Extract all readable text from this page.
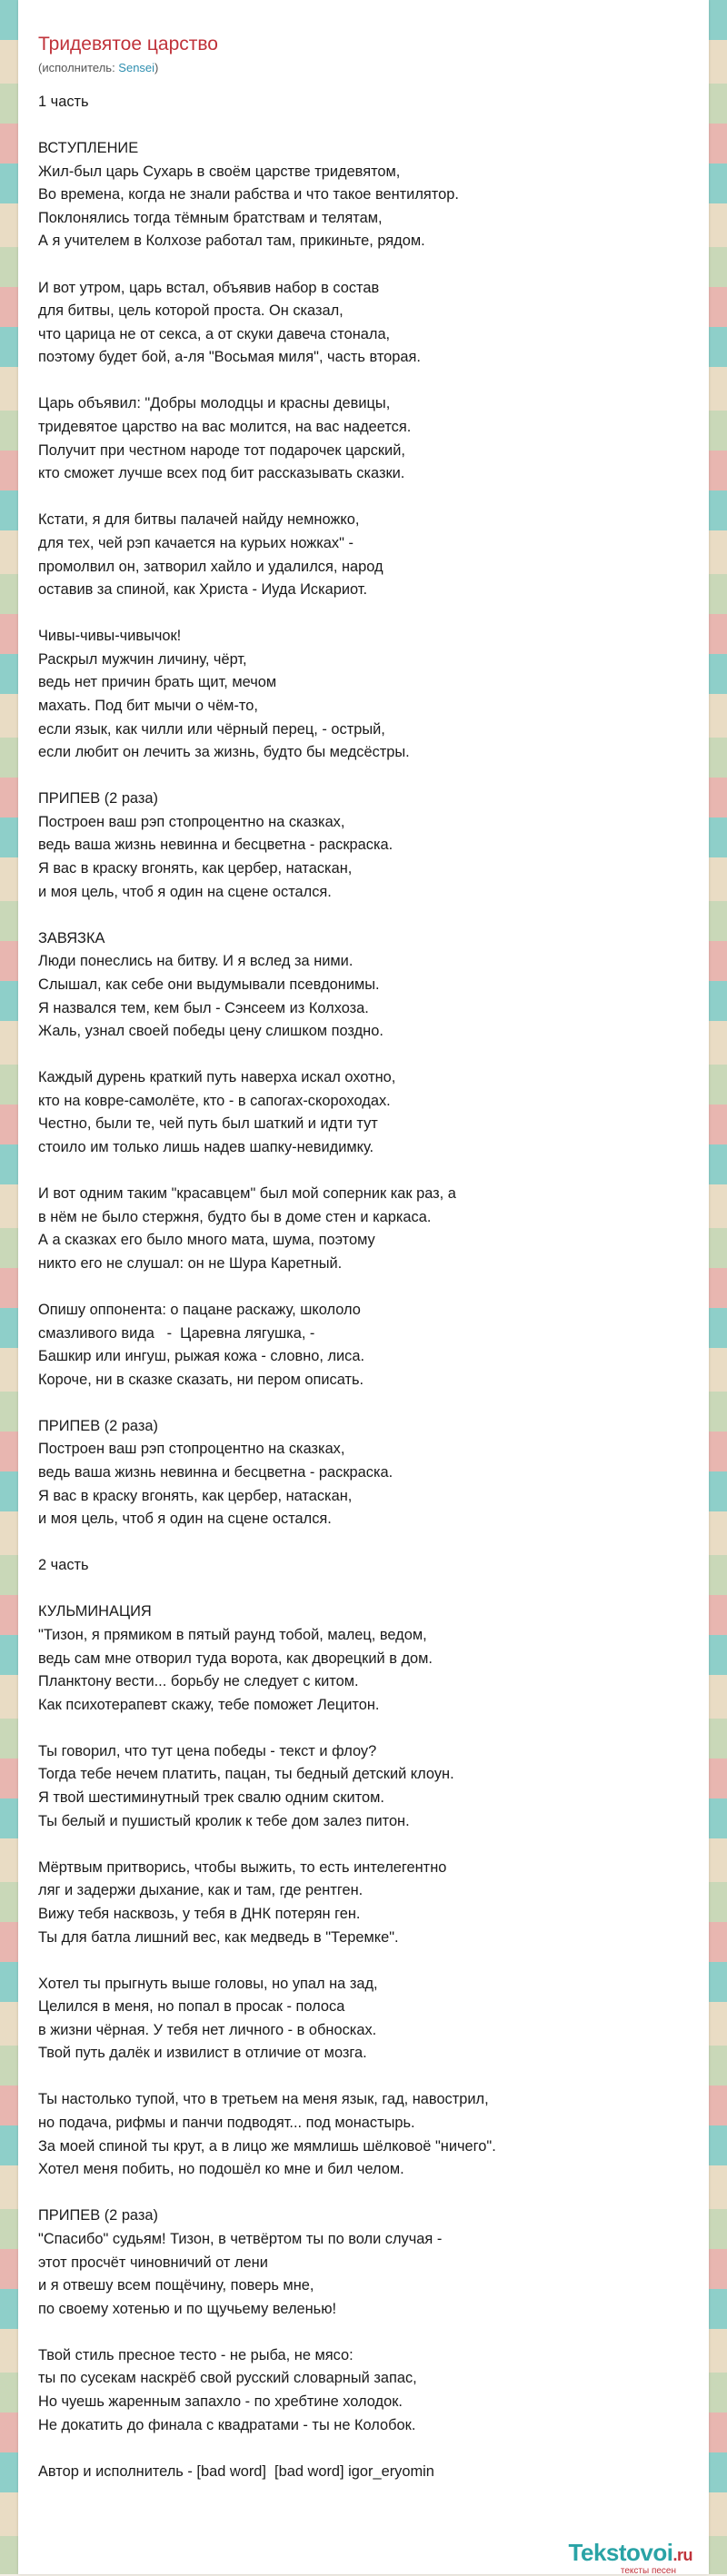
Тридевятое царство
(исполнитель: Sensei)
1 часть
ВСТУПЛЕНИЕ
Жил-был царь Сухарь в своём царстве тридевятом,
Во времена, когда не знали рабства и что такое вентилятор.
Поклонялись тогда тёмным братствам и телятам,
А я учителем в Колхозе работал там, прикиньте, рядом.
И вот утром, царь встал, объявив набор в состав
для битвы, цель которой проста. Он сказал,
что царица не от секса, а от скуки давеча стонала,
поэтому будет бой, а-ля "Восьмая миля", часть вторая.
Царь объявил: "Добры молодцы и красны девицы,
тридевятое царство на вас молится, на вас надеется.
Получит при честном народе тот подарочек царский,
кто сможет лучше всех под бит рассказывать сказки.
Кстати, я для битвы палачей найду немножко,
для тех, чей рэп качается на курьих ножках" -
промолвил он, затворил хайло и удалился, народ
оставив за спиной, как Христа - Иуда Искариот.
Чивы-чивы-чивычок!
Раскрыл мужчин личину, чёрт,
ведь нет причин брать щит, мечом
махать. Под бит мычи о чём-то,
если язык, как чилли или чёрный перец, - острый,
если любит он лечить за жизнь, будто бы медсёстры.
ПРИПЕВ (2 раза)
Построен ваш рэп стопроцентно на сказках,
ведь ваша жизнь невинна и бесцветна - раскраска.
Я вас в краску вгонять, как цербер, натаскан,
и моя цель, чтоб я один на сцене остался.
ЗАВЯЗКА
Люди понеслись на битву. И я вслед за ними.
Слышал, как себе они выдумывали псевдонимы.
Я назвался тем, кем был - Сэнсеем из Колхоза.
Жаль, узнал своей победы цену слишком поздно.
Каждый дурень краткий путь наверха искал охотно,
кто на ковре-самолёте, кто - в сапогах-скороходах.
Честно, были те, чей путь был шаткий и идти тут
стоило им только лишь надев шапку-невидимку.
И вот одним таким "красавцем" был мой соперник как раз, а
в нём не было стержня, будто бы в доме стен и каркаса.
А а сказках его было много мата, шума, поэтому
никто его не слушал: он не Шура Каретный.
Опишу оппонента: о пацане раскажу, школоло
смазливого вида   -  Царевна лягушка, -
Башкир или ингуш, рыжая кожа - словно, лиса.
Короче, ни в сказке сказать, ни пером описать.
ПРИПЕВ (2 раза)
Построен ваш рэп стопроцентно на сказках,
ведь ваша жизнь невинна и бесцветна - раскраска.
Я вас в краску вгонять, как цербер, натаскан,
и моя цель, чтоб я один на сцене остался.
2 часть
КУЛЬМИНАЦИЯ
"Тизон, я прямиком в пятый раунд тобой, малец, ведом,
ведь сам мне отворил туда ворота, как дворецкий в дом.
Планктону вести... борьбу не следует с китом.
Как психотерапевт скажу, тебе поможет Лецитон.
Ты говорил, что тут цена победы - текст и флоу?
Тогда тебе нечем платить, пацан, ты бедный детский клоун.
Я твой шестиминутный трек свалю одним скитом.
Ты белый и пушистый кролик к тебе дом залез питон.
Мёртвым притворись, чтобы выжить, то есть интелегентно
ляг и задержи дыхание, как и там, где рентген.
Вижу тебя насквозь, у тебя в ДНК потерян ген.
Ты для батла лишний вес, как медведь в "Теремке".
Хотел ты прыгнуть выше головы, но упал на зад,
Целился в меня, но попал в просак - полоса
в жизни чёрная. У тебя нет личного - в обносках.
Твой путь далёк и извилист в отличие от мозга.
Ты настолько тупой, что в третьем на меня язык, гад, навострил,
но подача, рифмы и панчи подводят... под монастырь.
За моей спиной ты крут, а в лицо же мямлишь шёлковоё "ничего".
Хотел меня побить, но подошёл ко мне и бил челом.
ПРИПЕВ (2 раза)
"Спасибо" судьям! Тизон, в четвёртом ты по воли случая -
этот просчёт чиновничий от лени
и я отвешу всем пощёчину, поверь мне,
по своему хотенью и по щучьему веленью!
Твой стиль пресное тесто - не рыба, не мясо:
ты по сусекам наскрёб свой русский словарный запас,
Но чуешь жаренным запахло - по хребтине холодок.
Не докатить до финала с квадратами - ты не Колобок.
Автор и исполнитель - [bad word]  [bad word] igor_eryomin
Tekstovoi.ru
тексты песен
